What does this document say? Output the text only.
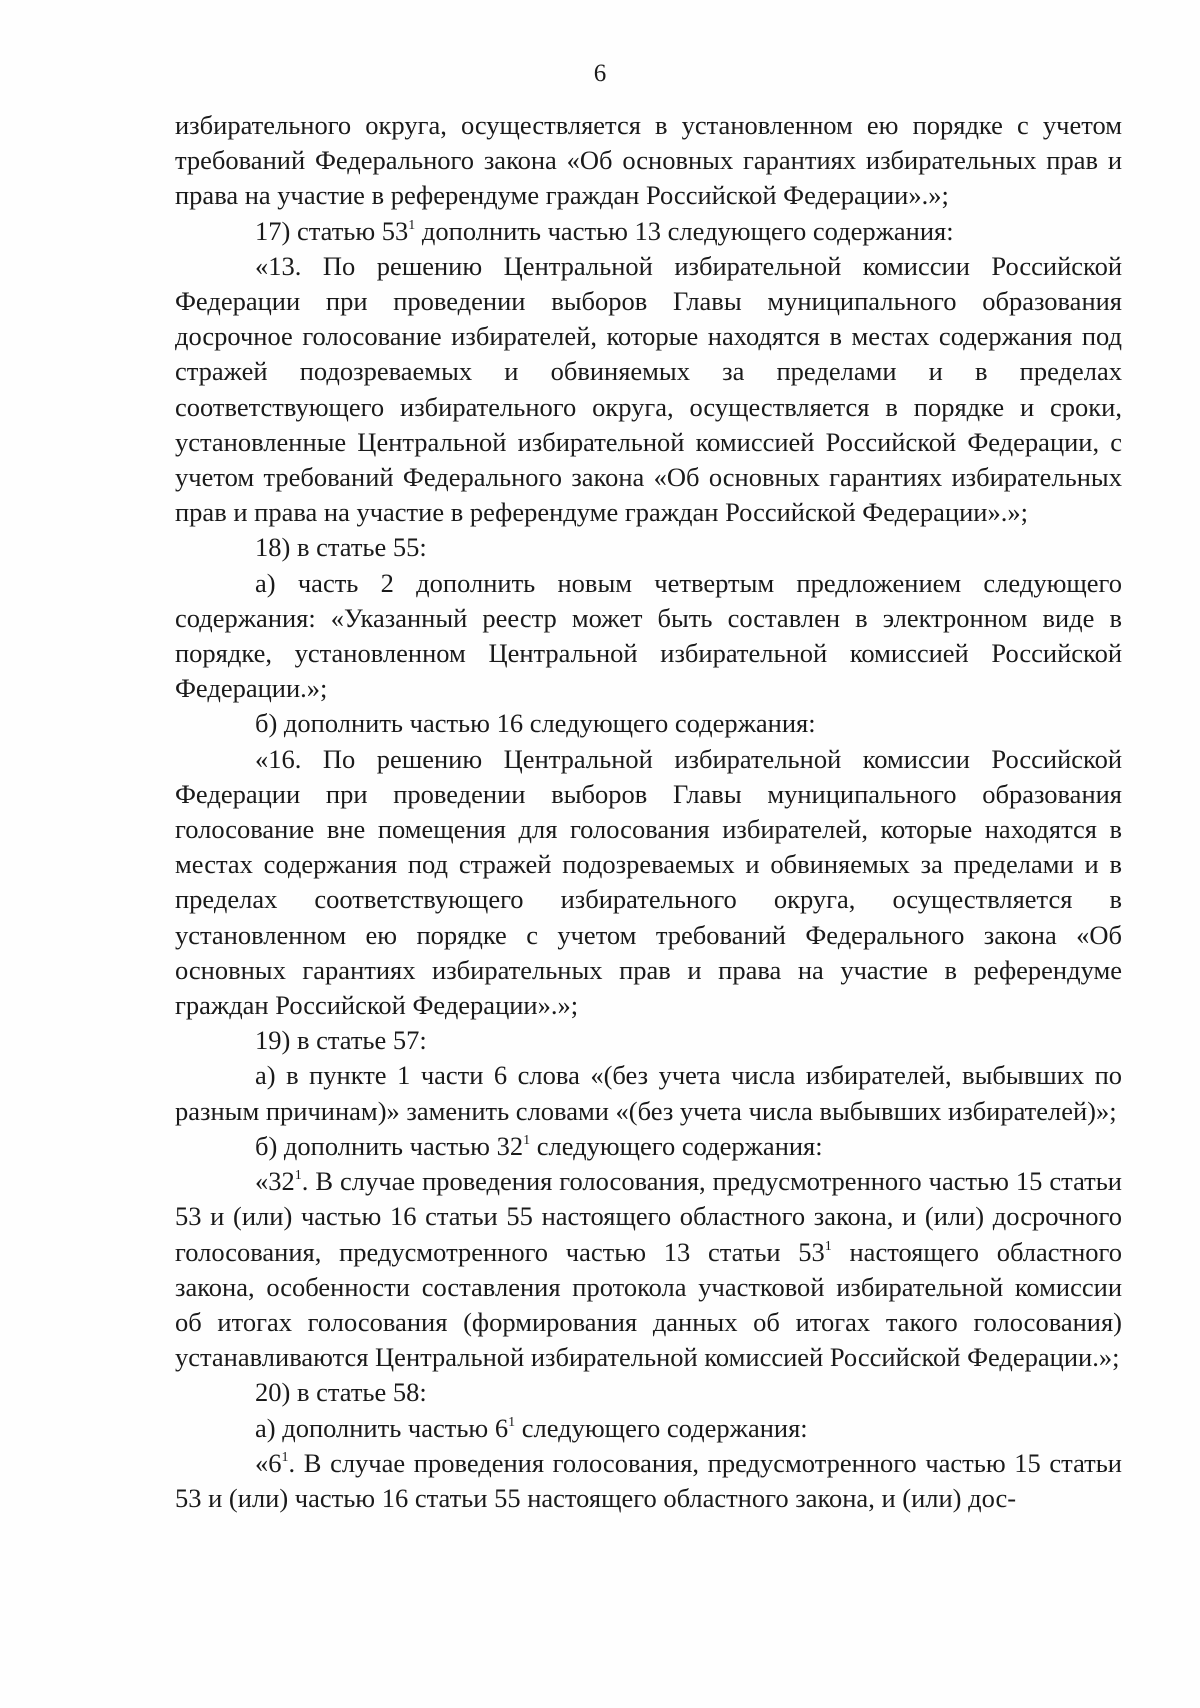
6

избирательного округа, осуществляется в установленном ею порядке с учетом требований Федерального закона «Об основных гарантиях избирательных прав и права на участие в референдуме граждан Российской Федерации».»;

17) статью $53^1$ дополнить частью 13 следующего содержания:

«13. По решению Центральной избирательной комиссии Российской Федерации при проведении выборов Главы муниципального образования досрочное голосование избирателей, которые находятся в местах содержания под стражей подозреваемых и обвиняемых за пределами и в пределах соответствующего избирательного округа, осуществляется в порядке и сроки, установленные Центральной избирательной комиссией Российской Федерации, с учетом требований Федерального закона «Об основных гарантиях избирательных прав и права на участие в референдуме граждан Российской Федерации».»;

18) в статье 55:

а) часть 2 дополнить новым четвертым предложением следующего содержания: «Указанный реестр может быть составлен в электронном виде в порядке, установленном Центральной избирательной комиссией Российской Федерации.»;

б) дополнить частью 16 следующего содержания:

«16. По решению Центральной избирательной комиссии Российской Федерации при проведении выборов Главы муниципального образования голосование вне помещения для голосования избирателей, которые находятся в местах содержания под стражей подозреваемых и обвиняемых за пределами и в пределах соответствующего избирательного округа, осуществляется в установленном ею порядке с учетом требований Федерального закона «Об основных гарантиях избирательных прав и права на участие в референдуме граждан Российской Федерации».»;

19) в статье 57:

а) в пункте 1 части 6 слова «(без учета числа избирателей, выбывших по разным причинам)» заменить словами «(без учета числа выбывших избирателей)»;

б) дополнить частью $32^1$ следующего содержания:

«$32^1$. В случае проведения голосования, предусмотренного частью 15 статьи 53 и (или) частью 16 статьи 55 настоящего областного закона, и (или) досрочного голосования, предусмотренного частью 13 статьи $53^1$ настоящего областного закона, особенности составления протокола участковой избирательной комиссии об итогах голосования (формирования данных об итогах такого голосования) устанавливаются Центральной избирательной комиссией Российской Федерации.»;

20) в статье 58:

а) дополнить частью $6^1$ следующего содержания:

«$6^1$. В случае проведения голосования, предусмотренного частью 15 статьи 53 и (или) частью 16 статьи 55 настоящего областного закона, и (или) дос-
